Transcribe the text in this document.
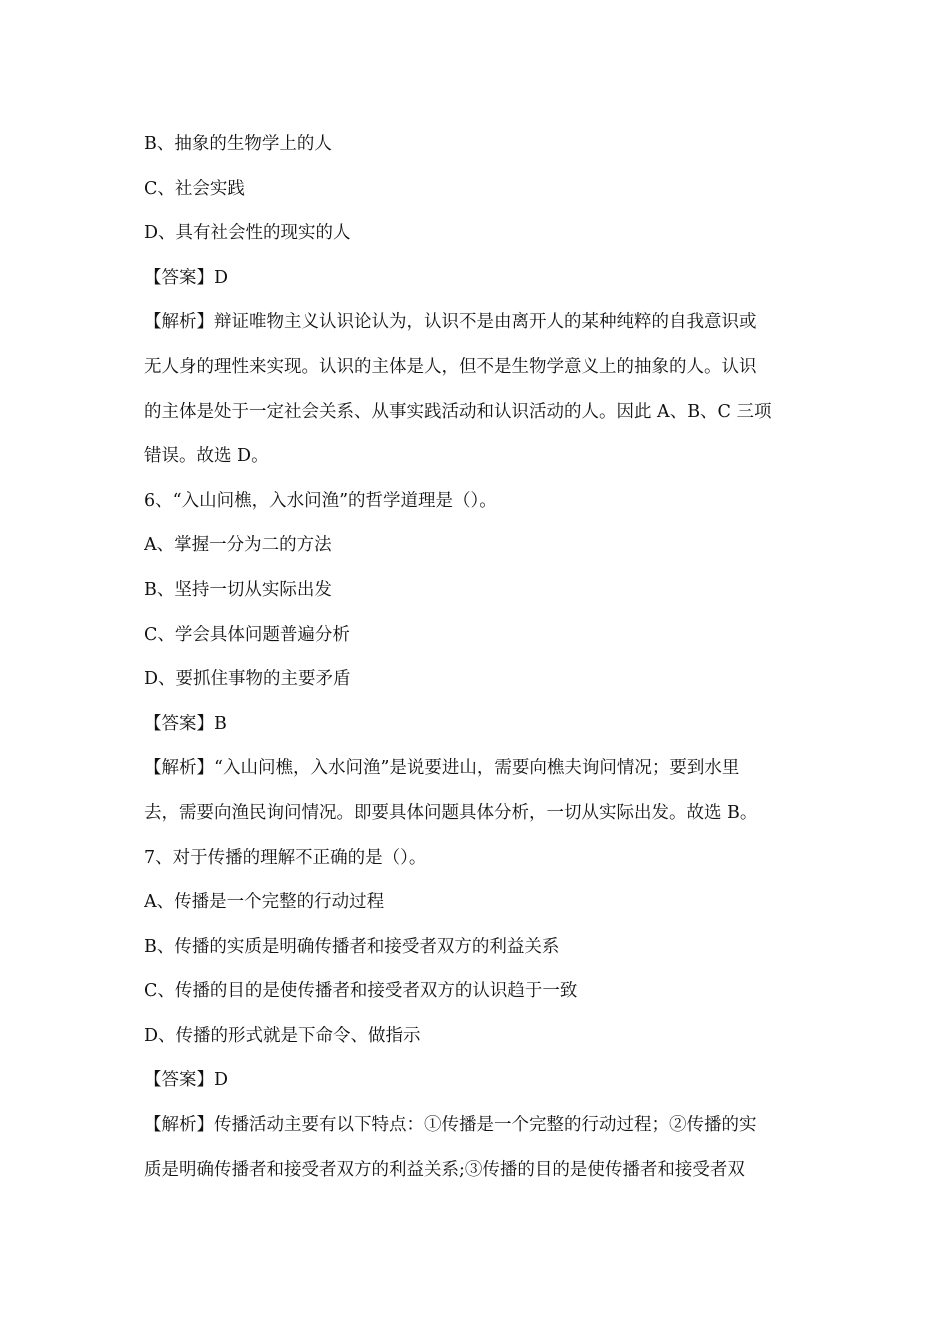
B、抽象的生物学上的人
C、社会实践
D、具有社会性的现实的人
【答案】D
【解析】辩证唯物主义认识论认为，认识不是由离开人的某种纯粹的自我意识或
无人身的理性来实现。认识的主体是人，但不是生物学意义上的抽象的人。认识
的主体是处于一定社会关系、从事实践活动和认识活动的人。因此 A、B、C 三项
错误。故选 D。
6、“入山问樵，入水问渔”的哲学道理是（）。
A、掌握一分为二的方法
B、坚持一切从实际出发
C、学会具体问题普遍分析
D、要抓住事物的主要矛盾
【答案】B
【解析】“入山问樵，入水问渔”是说要进山，需要向樵夫询问情况；要到水里
去，需要向渔民询问情况。即要具体问题具体分析，一切从实际出发。故选 B。
7、对于传播的理解不正确的是（）。
A、传播是一个完整的行动过程
B、传播的实质是明确传播者和接受者双方的利益关系
C、传播的目的是使传播者和接受者双方的认识趋于一致
D、传播的形式就是下命令、做指示
【答案】D
【解析】传播活动主要有以下特点：①传播是一个完整的行动过程；②传播的实
质是明确传播者和接受者双方的利益关系;③传播的目的是使传播者和接受者双
